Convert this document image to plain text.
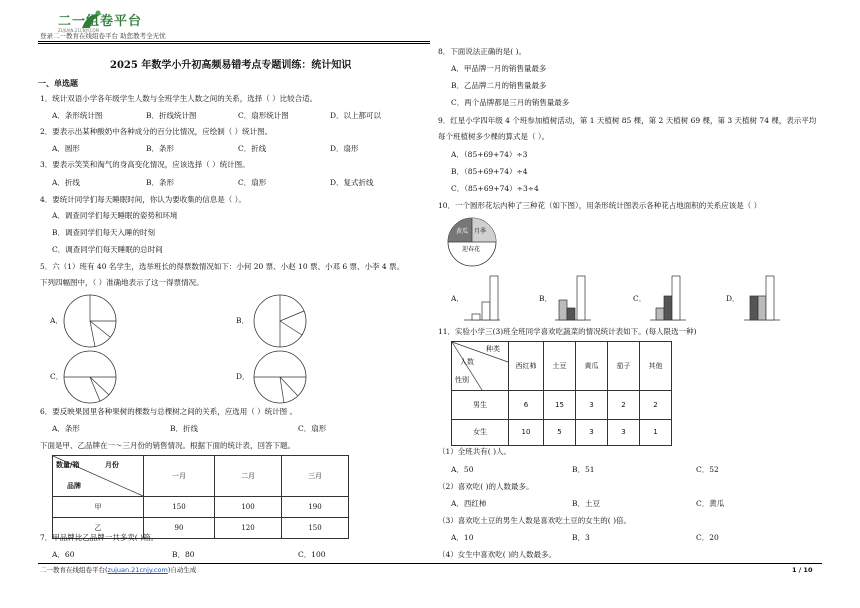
二一组卷平台
ZUJUAN.21CNJY.COM
登录二一教育在线组卷平台 助您教考全无忧
2025 年数学小升初高频易错考点专题训练：统计知识
一、单选题
1．统计双语小学各年级学生人数与全班学生人数之间的关系，选择（ ）比较合适。
A．条形统计图	B．折线统计图	C．扇形统计图	D．以上都可以
2．要表示出某种酸奶中各种成分的百分比情况，应绘制（ ）统计图。
A．圆形	B．条形	C．折线	D．扇形
3．要表示笑笑和淘气的身高变化情况，应该选择（ ）统计图。
A．折线	B．条形	C．扇形	D．复式折线
4．要统计同学们每天睡眠时间，你认为要收集的信息是（ ）。
A．调查同学们每天睡眠的姿势和环境
B．调查同学们每天入睡的时刻
C．调查同学们每天睡眠的总时间
5．六（1）班有 40 名学生，选举班长的得票数情况如下：小何 20 票、小赵 10 票、小邓 6 票、小李 4 票。
下列四幅图中，（ ）准确地表示了这一得票情况。
A．	B．
C．	D．
6．要反映果园里各种果树的棵数与总棵树之间的关系，应选用（ ）统计图 。
A．条形	B．折线	C．扇形
下面是甲、乙品牌在一～三月份的销售情况。根据下面的统计表，回答下题。
数量/箱 月份
品牌	一月	二月	三月
甲	150	100	190
乙	90	120	150
7．甲品牌比乙品牌一共多卖( )箱。
A．60	B．80	C．100
8．下面说法正确的是( )。
A．甲品牌一月的销售量最多
B．乙品牌二月的销售量最多
C．两个品牌都是三月的销售量最多
9．红星小学四年级 4 个班参加植树活动，第 1 天植树 85 棵，第 2 天植树 69 棵，第 3 天植树 74 棵，表示平均
每个班植树多少棵的算式是（ ）。
A．（85+69+74）÷3
B．（85+69+74）÷4
C．（85+69+74）÷3÷4
10．一个圆形花坛内种了三种花（如下图），用条形统计图表示各种花占地面积的关系应该是（ ）
黄瓜 月季
迎春花
A．	B．	C．	D．
11．实验小学三(3)班全班同学喜欢吃蔬菜的情况统计表如下。(每人限选一种)
种类
人数
性别	西红柿	土豆	黄瓜	茄子	其他
男生	6	15	3	2	2
女生	10	5	3	3	1
（1）全班共有( )人。
A．50	B．51	C．52
（2）喜欢吃( )的人数最多。
A．西红柿	B．土豆	C．黄瓜
（3）喜欢吃土豆的男生人数是喜欢吃土豆的女生的( )倍。
A．10	B．3	C．20
（4）女生中喜欢吃( )的人数最多。
二一教育在线组卷平台(zujuan.21cnjy.com)自动生成	1 / 10
